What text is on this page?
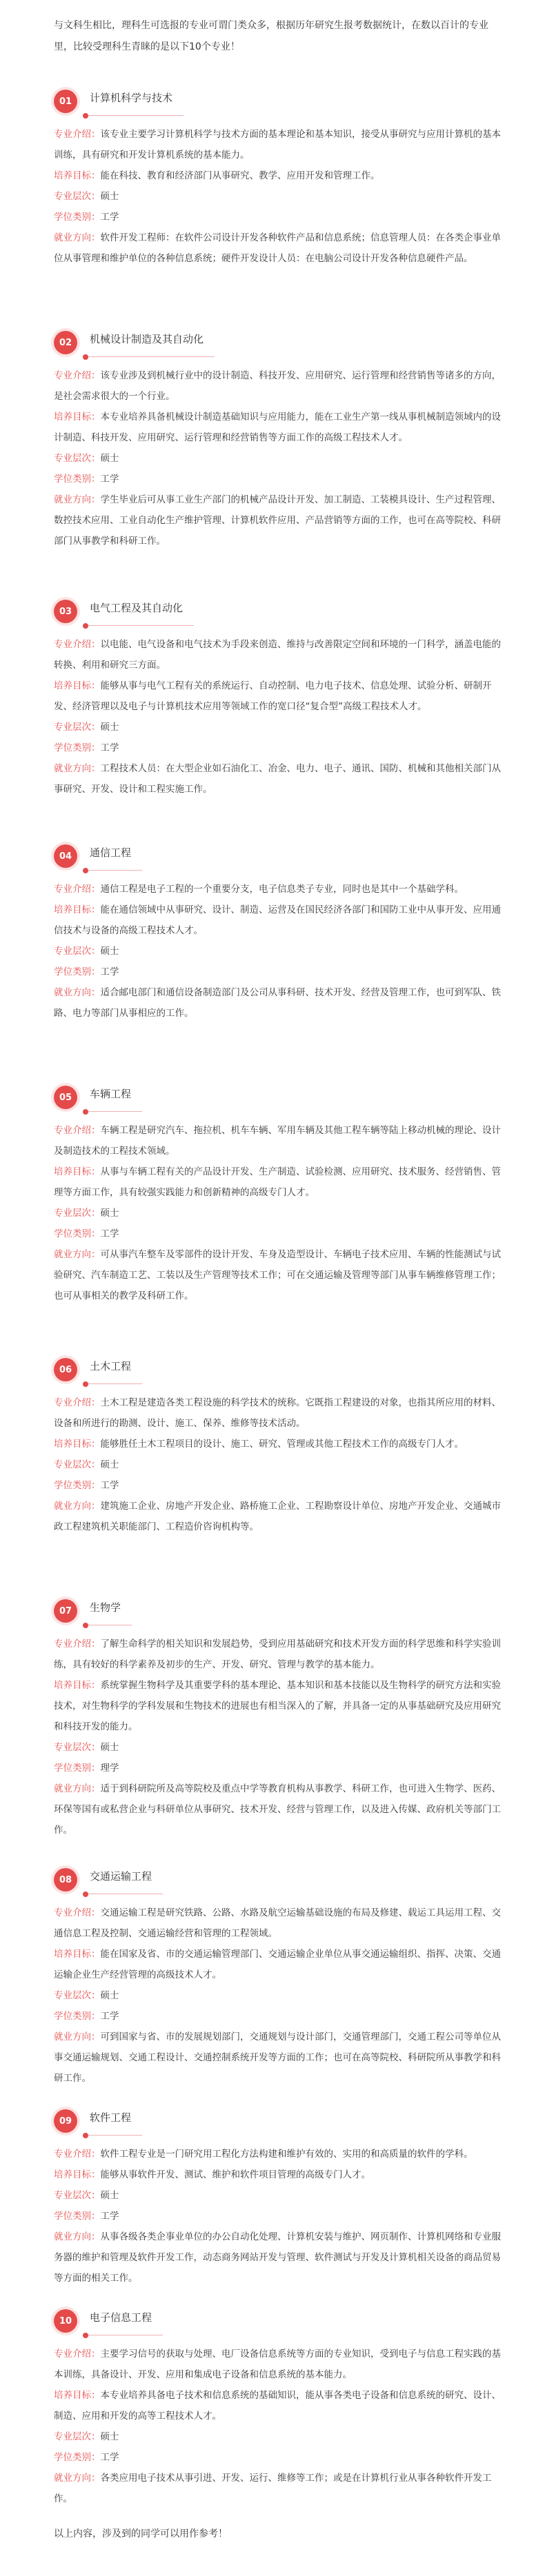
与文科生相比，理科生可选报的专业可谓门类众多，根据历年研究生报考数据统计，在数以百计的专业里，比较受理科生青睐的是以下10个专业！
01	计算机科学与技术
专业介绍：该专业主要学习计算机科学与技术方面的基本理论和基本知识，接受从事研究与应用计算机的基本训练，具有研究和开发计算机系统的基本能力。
培养目标：能在科技、教育和经济部门从事研究、教学、应用开发和管理工作。
专业层次：硕士
学位类别：工学
就业方向：软件开发工程师：在软件公司设计开发各种软件产品和信息系统；信息管理人员：在各类企事业单位从事管理和维护单位的各种信息系统；硬件开发设计人员：在电脑公司设计开发各种信息硬件产品。
02	机械设计制造及其自动化
专业介绍：该专业涉及到机械行业中的设计制造、科技开发、应用研究、运行管理和经营销售等诸多的方向，是社会需求很大的一个行业。
培养目标：本专业培养具备机械设计制造基础知识与应用能力，能在工业生产第一线从事机械制造领域内的设计制造、科技开发、应用研究、运行管理和经营销售等方面工作的高级工程技术人才。
专业层次：硕士
学位类别：工学
就业方向：学生毕业后可从事工业生产部门的机械产品设计开发、加工制造、工装模具设计、生产过程管理、数控技术应用、工业自动化生产维护管理、计算机软件应用、产品营销等方面的工作，也可在高等院校、科研部门从事教学和科研工作。
03	电气工程及其自动化
专业介绍：以电能、电气设备和电气技术为手段来创造、维持与改善限定空间和环境的一门科学，涵盖电能的转换、利用和研究三方面。
培养目标：能够从事与电气工程有关的系统运行、自动控制、电力电子技术、信息处理、试验分析、研制开发、经济管理以及电子与计算机技术应用等领域工作的宽口径“复合型”高级工程技术人才。
专业层次：硕士
学位类别：工学
就业方向：工程技术人员：在大型企业如石油化工、冶金、电力、电子、通讯、国防、机械和其他相关部门从事研究、开发、设计和工程实施工作。
04	通信工程
专业介绍：通信工程是电子工程的一个重要分支，电子信息类子专业，同时也是其中一个基础学科。
培养目标：能在通信领域中从事研究、设计、制造、运营及在国民经济各部门和国防工业中从事开发、应用通信技术与设备的高级工程技术人才。
专业层次：硕士
学位类别：工学
就业方向：适合邮电部门和通信设备制造部门及公司从事科研、技术开发、经营及管理工作，也可到军队、铁路、电力等部门从事相应的工作。
05	车辆工程
专业介绍：车辆工程是研究汽车、拖拉机、机车车辆、军用车辆及其他工程车辆等陆上移动机械的理论、设计及制造技术的工程技术领域。
培养目标：从事与车辆工程有关的产品设计开发、生产制造、试验检测、应用研究、技术服务、经营销售、管理等方面工作，具有较强实践能力和创新精神的高级专门人才。
专业层次：硕士
学位类别：工学
就业方向：可从事汽车整车及零部件的设计开发、车身及造型设计、车辆电子技术应用、车辆的性能测试与试验研究、汽车制造工艺、工装以及生产管理等技术工作；可在交通运输及管理等部门从事车辆维修管理工作；也可从事相关的教学及科研工作。
06	土木工程
专业介绍：土木工程是建造各类工程设施的科学技术的统称。它既指工程建设的对象，也指其所应用的材料、设备和所进行的勘测、设计、施工、保养、维修等技术活动。
培养目标：能够胜任土木工程项目的设计、施工、研究、管理或其他工程技术工作的高级专门人才。
专业层次：硕士
学位类别：工学
就业方向：建筑施工企业、房地产开发企业、路桥施工企业、工程勘察设计单位、房地产开发企业、交通城市政工程建筑机关职能部门、工程造价咨询机构等。
07	生物学
专业介绍：了解生命科学的相关知识和发展趋势，受到应用基础研究和技术开发方面的科学思维和科学实验训练，具有较好的科学素养及初步的生产、开发、研究、管理与教学的基本能力。
培养目标：系统掌握生物科学及其重要学科的基本理论、基本知识和基本技能以及生物科学的研究方法和实验技术，对生物科学的学科发展和生物技术的进展也有相当深入的了解，并具备一定的从事基础研究及应用研究和科技开发的能力。
专业层次：硕士
学位类别：理学
就业方向：适于到科研院所及高等院校及重点中学等教育机构从事教学、科研工作，也可进入生物学、医药、环保等国有或私营企业与科研单位从事研究、技术开发、经营与管理工作，以及进入传媒、政府机关等部门工作。
08	交通运输工程
专业介绍：交通运输工程是研究铁路、公路、水路及航空运输基础设施的布局及修建、载运工具运用工程、交通信息工程及控制、交通运输经营和管理的工程领域。
培养目标：能在国家及省、市的交通运输管理部门、交通运输企业单位从事交通运输组织、指挥、决策、交通运输企业生产经营管理的高级技术人才。
专业层次：硕士
学位类别：工学
就业方向：可到国家与省、市的发展规划部门，交通规划与设计部门，交通管理部门，交通工程公司等单位从事交通运输规划、交通工程设计、交通控制系统开发等方面的工作；也可在高等院校、科研院所从事教学和科研工作。
09	软件工程
专业介绍：软件工程专业是一门研究用工程化方法构建和维护有效的、实用的和高质量的软件的学科。
培养目标：能够从事软件开发、测试、维护和软件项目管理的高级专门人才。
专业层次：硕士
学位类别：工学
就业方向：从事各级各类企事业单位的办公自动化处理、计算机安装与维护、网页制作、计算机网络和专业服务器的维护和管理及软件开发工作，动态商务网站开发与管理、软件测试与开发及计算机相关设备的商品贸易等方面的相关工作。
10	电子信息工程
专业介绍：主要学习信号的获取与处理、电厂设备信息系统等方面的专业知识，受到电子与信息工程实践的基本训练，具备设计、开发、应用和集成电子设备和信息系统的基本能力。
培养目标：本专业培养具备电子技术和信息系统的基础知识，能从事各类电子设备和信息系统的研究、设计、制造、应用和开发的高等工程技术人才。
专业层次：硕士
学位类别：工学
就业方向：各类应用电子技术从事引进、开发、运行、维修等工作；或是在计算机行业从事各种软件开发工作。
以上内容，涉及到的同学可以用作参考！
